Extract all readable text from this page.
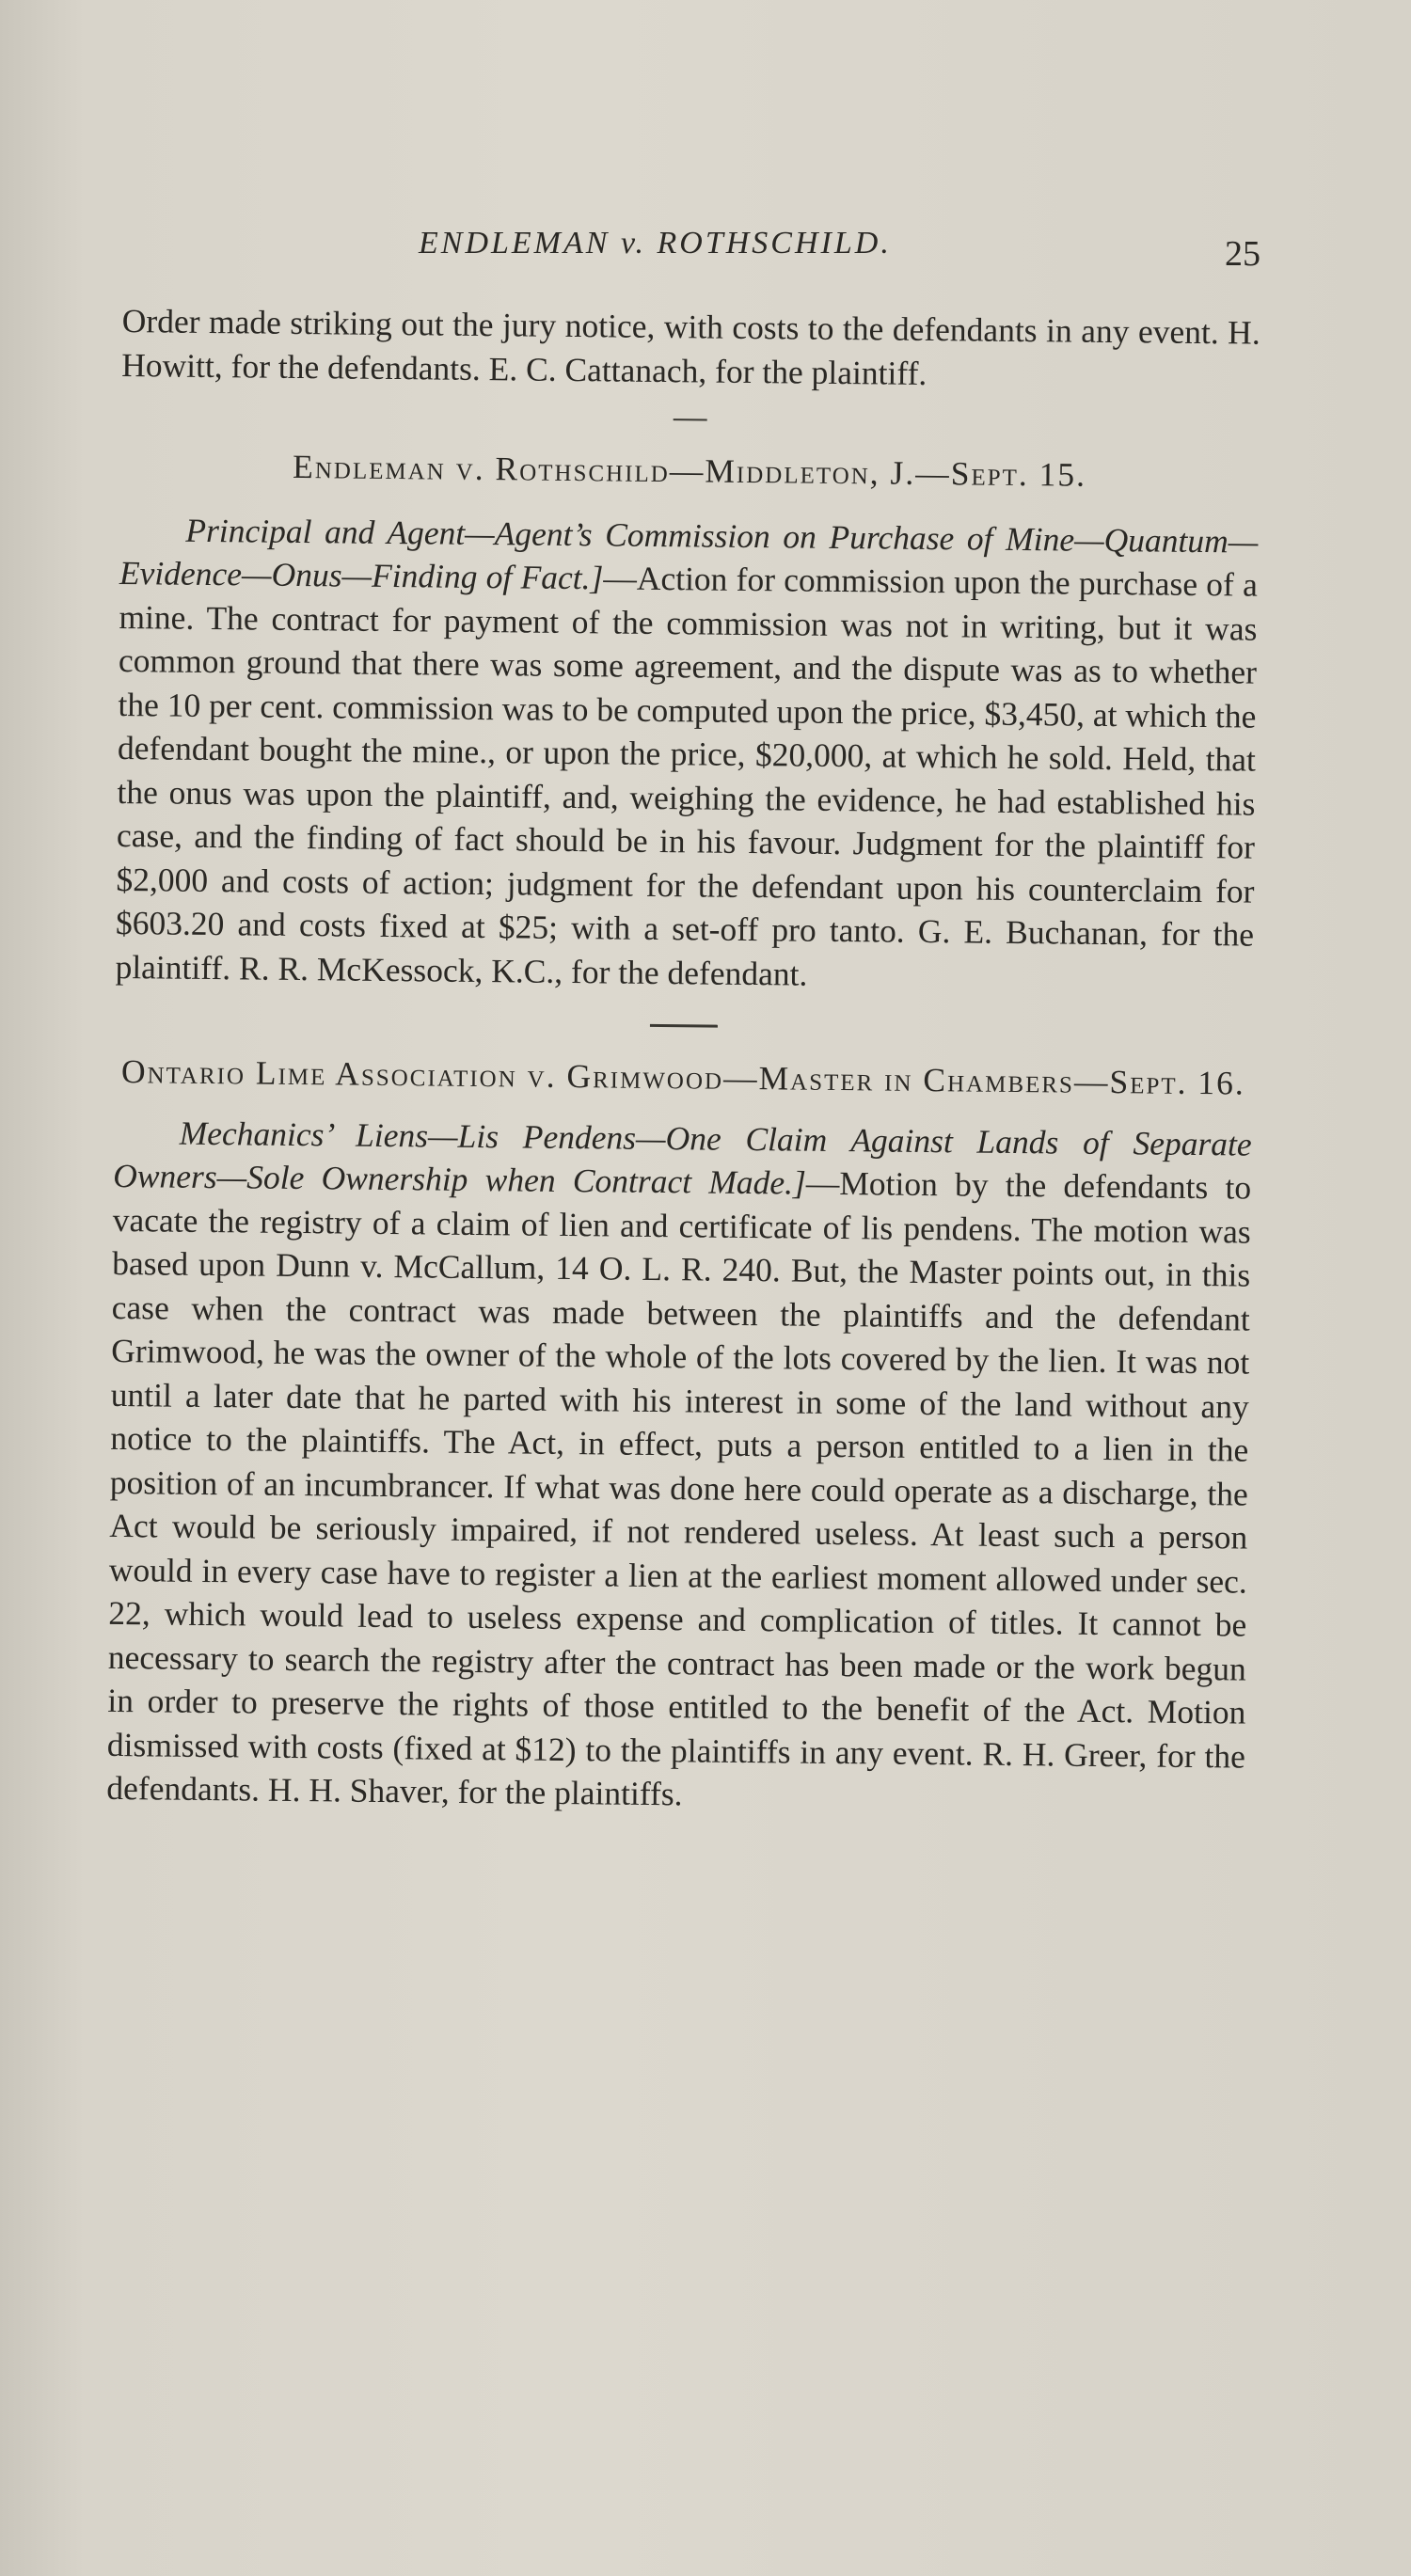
ENDLEMAN v. ROTHSCHILD.	25

Order made striking out the jury notice, with costs to the defendants in any event. H. Howitt, for the defendants. E. C. Cattanach, for the plaintiff.

Endleman v. Rothschild—Middleton, J.—Sept. 15.

Principal and Agent—Agent’s Commission on Purchase of Mine—Quantum—Evidence—Onus—Finding of Fact.]—Action for commission upon the purchase of a mine. The contract for payment of the commission was not in writing, but it was common ground that there was some agreement, and the dispute was as to whether the 10 per cent. commission was to be computed upon the price, $3,450, at which the defendant bought the mine., or upon the price, $20,000, at which he sold. Held, that the onus was upon the plaintiff, and, weighing the evidence, he had established his case, and the finding of fact should be in his favour. Judgment for the plaintiff for $2,000 and costs of action; judgment for the defendant upon his counterclaim for $603.20 and costs fixed at $25; with a set-off pro tanto. G. E. Buchanan, for the plaintiff. R. R. McKessock, K.C., for the defendant.

Ontario Lime Association v. Grimwood—Master in Chambers—Sept. 16.

Mechanics’ Liens—Lis Pendens—One Claim Against Lands of Separate Owners—Sole Ownership when Contract Made.]—Motion by the defendants to vacate the registry of a claim of lien and certificate of lis pendens. The motion was based upon Dunn v. McCallum, 14 O. L. R. 240. But, the Master points out, in this case when the contract was made between the plaintiffs and the defendant Grimwood, he was the owner of the whole of the lots covered by the lien. It was not until a later date that he parted with his interest in some of the land without any notice to the plaintiffs. The Act, in effect, puts a person entitled to a lien in the position of an incumbrancer. If what was done here could operate as a discharge, the Act would be seriously impaired, if not rendered useless. At least such a person would in every case have to register a lien at the earliest moment allowed under sec. 22, which would lead to useless expense and complication of titles. It cannot be necessary to search the registry after the contract has been made or the work begun in order to preserve the rights of those entitled to the benefit of the Act. Motion dismissed with costs (fixed at $12) to the plaintiffs in any event. R. H. Greer, for the defendants. H. H. Shaver, for the plaintiffs.
